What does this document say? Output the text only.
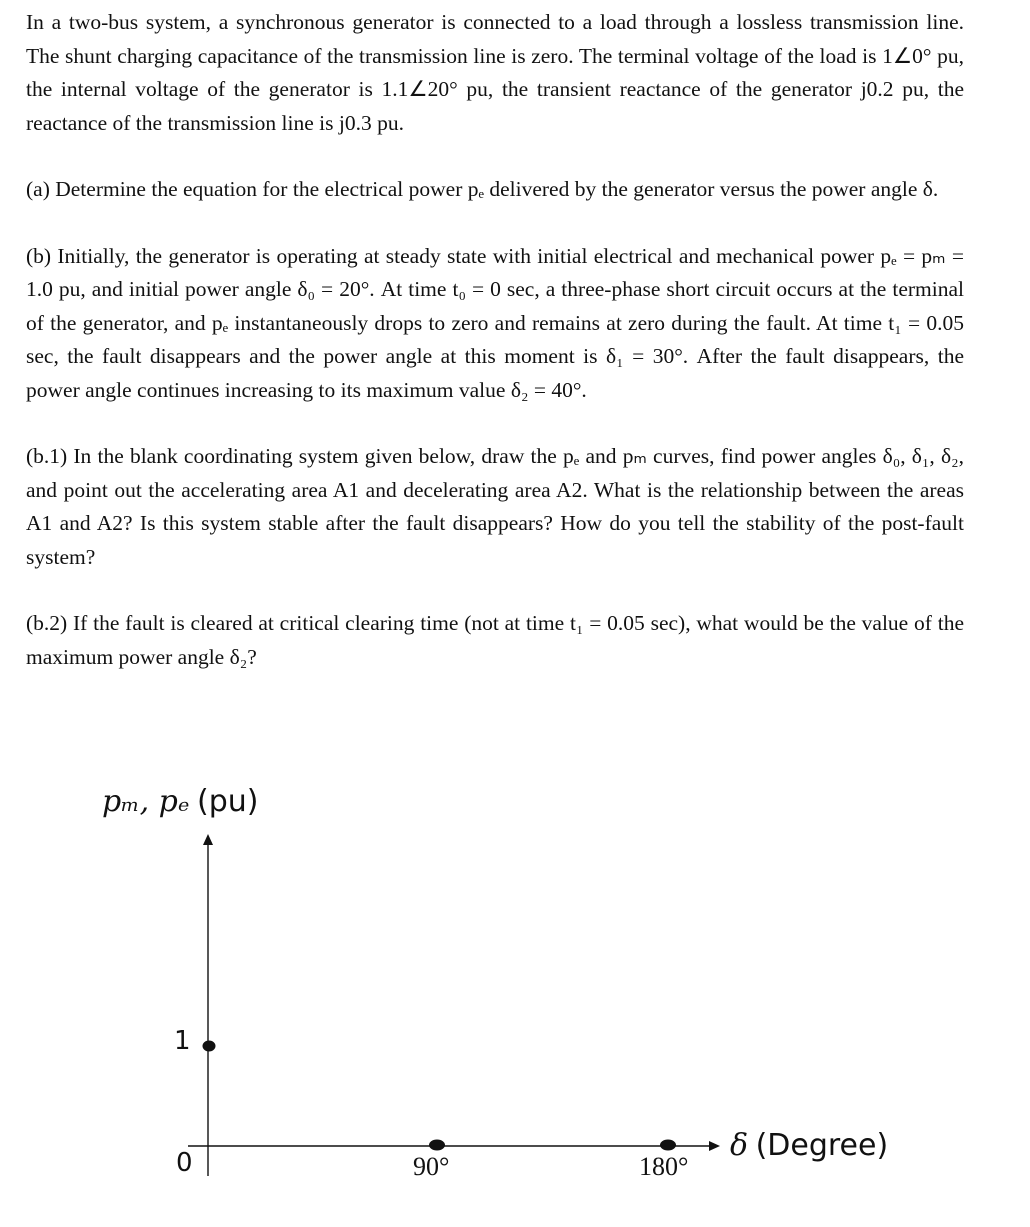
In a two-bus system, a synchronous generator is connected to a load through a lossless transmission line. The shunt charging capacitance of the transmission line is zero. The terminal voltage of the load is 1∠0° pu, the internal voltage of the generator is 1.1∠20° pu, the transient reactance of the generator j0.2 pu, the reactance of the transmission line is j0.3 pu.

(a) Determine the equation for the electrical power pₑ delivered by the generator versus the power angle δ.

(b) Initially, the generator is operating at steady state with initial electrical and mechanical power pₑ = pₘ = 1.0 pu, and initial power angle δ₀ = 20°. At time t₀ = 0 sec, a three-phase short circuit occurs at the terminal of the generator, and pₑ instantaneously drops to zero and remains at zero during the fault. At time t₁ = 0.05 sec, the fault disappears and the power angle at this moment is δ₁ = 30°. After the fault disappears, the power angle continues increasing to its maximum value δ₂ = 40°.

(b.1) In the blank coordinating system given below, draw the pₑ and pₘ curves, find power angles δ₀, δ₁, δ₂, and point out the accelerating area A1 and decelerating area A2. What is the relationship between the areas A1 and A2? Is this system stable after the fault disappears? How do you tell the stability of the post-fault system?

(b.2) If the fault is cleared at critical clearing time (not at time t₁ = 0.05 sec), what would be the value of the maximum power angle δ₂?

pₘ, pₑ (pu)
1
0	90°	180°
δ (Degree)
